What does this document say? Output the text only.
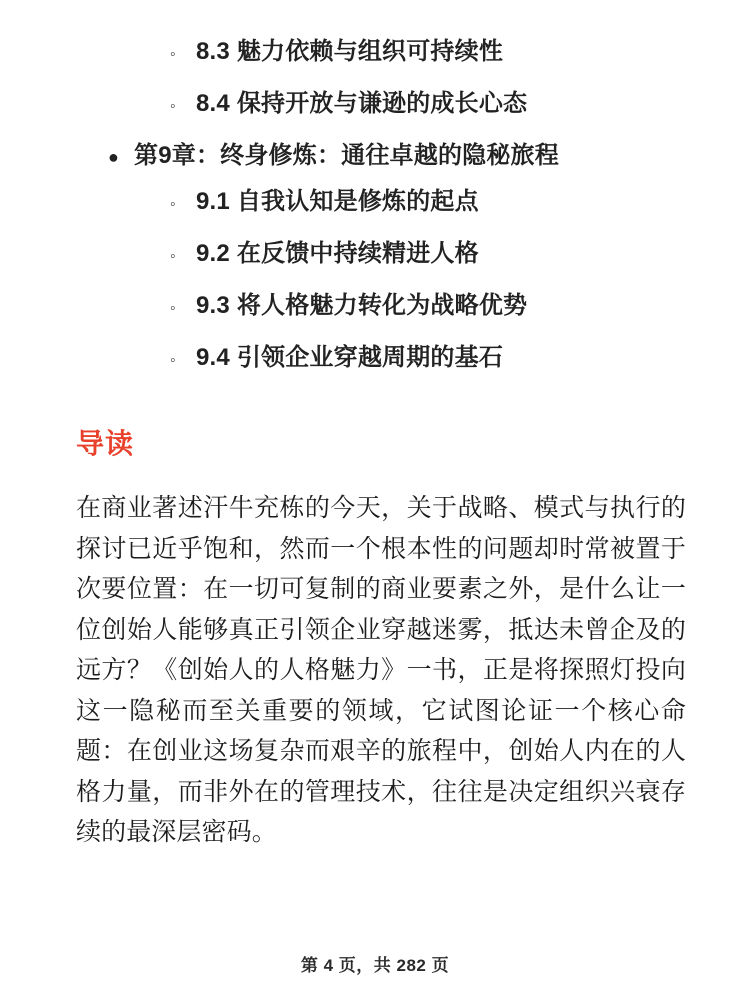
◦
8.3 魅力依赖与组织可持续性
◦
8.4 保持开放与谦逊的成长心态
●
第9章：终身修炼：通往卓越的隐秘旅程
◦
9.1 自我认知是修炼的起点
◦
9.2 在反馈中持续精进人格
◦
9.3 将人格魅力转化为战略优势
◦
9.4 引领企业穿越周期的基石
导读

在商业著述汗牛充栋的今天，关于战略、模式与执行的探讨已近乎饱和，然而一个根本性的问题却时常被置于次要位置：在一切可复制的商业要素之外，是什么让一位创始人能够真正引领企业穿越迷雾，抵达未曾企及的远方？《创始人的人格魅力》一书，正是将探照灯投向这一隐秘而至关重要的领域，它试图论证一个核心命题：在创业这场复杂而艰辛的旅程中，创始人内在的人格力量，而非外在的管理技术，往往是决定组织兴衰存续的最深层密码。

第 4 页，共 282 页
